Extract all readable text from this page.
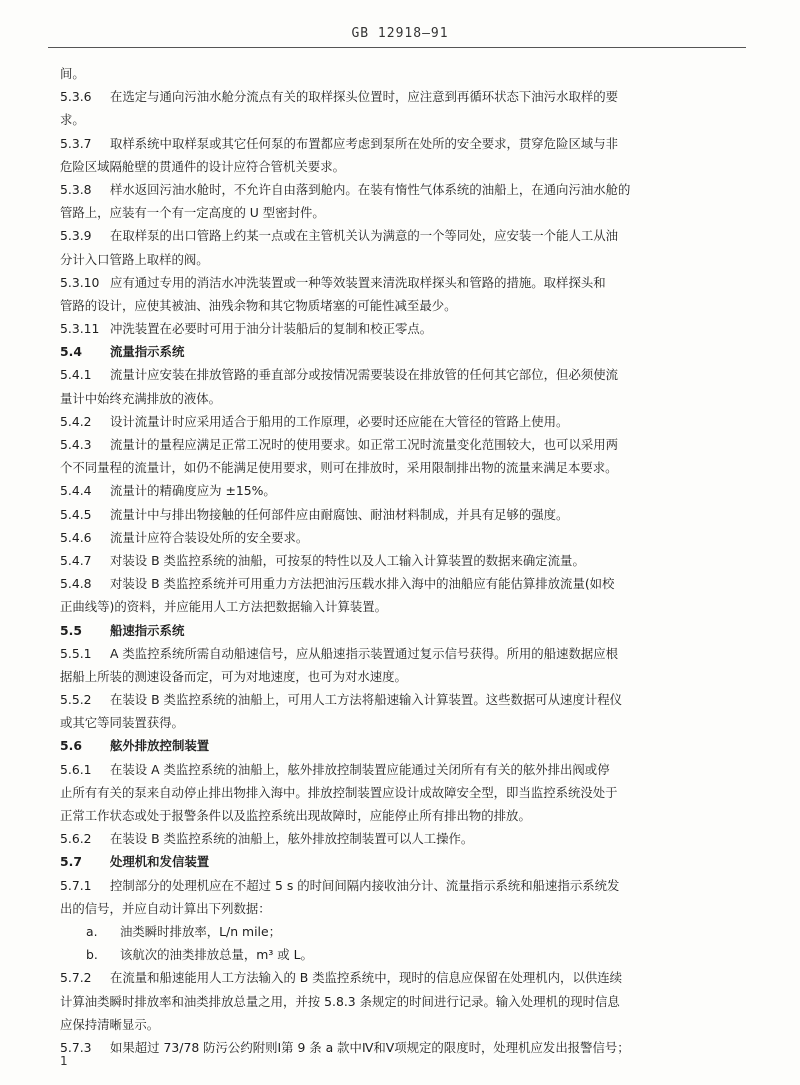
GB 12918—91
间。
5.3.6 在选定与通向污油水舱分流点有关的取样探头位置时，应注意到再循环状态下油污水取样的要
求。
5.3.7 取样系统中取样泵或其它任何泵的布置都应考虑到泵所在处所的安全要求，贯穿危险区域与非
危险区域隔舱壁的贯通件的设计应符合管机关要求。
5.3.8 样水返回污油水舱时，不允许自由落到舱内。在装有惰性气体系统的油船上，在通向污油水舱的
管路上，应装有一个有一定高度的 U 型密封件。
5.3.9 在取样泵的出口管路上约某一点或在主管机关认为满意的一个等同处，应安装一个能人工从油
分计入口管路上取样的阀。
5.3.10 应有通过专用的消洁水冲洗装置或一种等效装置来清洗取样探头和管路的措施。取样探头和
管路的设计，应使其被油、油残余物和其它物质堵塞的可能性减至最少。
5.3.11 冲洗装置在必要时可用于油分计装船后的复制和校正零点。
5.4 流量指示系统
5.4.1 流量计应安装在排放管路的垂直部分或按情况需要装设在排放管的任何其它部位，但必须使流
量计中始终充满排放的液体。
5.4.2 设计流量计时应采用适合于船用的工作原理，必要时还应能在大管径的管路上使用。
5.4.3 流量计的量程应满足正常工况时的使用要求。如正常工况时流量变化范围较大，也可以采用两
个不同量程的流量计，如仍不能满足使用要求，则可在排放时，采用限制排出物的流量来满足本要求。
5.4.4 流量计的精确度应为 ±15%。
5.4.5 流量计中与排出物接触的任何部件应由耐腐蚀、耐油材料制成，并具有足够的强度。
5.4.6 流量计应符合装设处所的安全要求。
5.4.7 对装设 B 类监控系统的油船，可按泵的特性以及人工输入计算装置的数据来确定流量。
5.4.8 对装设 B 类监控系统并可用重力方法把油污压载水排入海中的油船应有能估算排放流量(如校
正曲线等)的资料，并应能用人工方法把数据输入计算装置。
5.5 船速指示系统
5.5.1 A 类监控系统所需自动船速信号，应从船速指示装置通过复示信号获得。所用的船速数据应根
据船上所装的测速设备而定，可为对地速度，也可为对水速度。
5.5.2 在装设 B 类监控系统的油船上，可用人工方法将船速输入计算装置。这些数据可从速度计程仪
或其它等同装置获得。
5.6 舷外排放控制装置
5.6.1 在装设 A 类监控系统的油船上，舷外排放控制装置应能通过关闭所有有关的舷外排出阀或停
止所有有关的泵来自动停止排出物排入海中。排放控制装置应设计成故障安全型，即当监控系统没处于
正常工作状态或处于报警条件以及监控系统出现故障时，应能停止所有排出物的排放。
5.6.2 在装设 B 类监控系统的油船上，舷外排放控制装置可以人工操作。
5.7 处理机和发信装置
5.7.1 控制部分的处理机应在不超过 5 s 的时间间隔内接收油分计、流量指示系统和船速指示系统发
出的信号，并应自动计算出下列数据：
a. 油类瞬时排放率，L/n mile；
b. 该航次的油类排放总量，m³ 或 L。
5.7.2 在流量和船速能用人工方法输入的 B 类监控系统中，现时的信息应保留在处理机内，以供连续
计算油类瞬时排放率和油类排放总量之用，并按 5.8.3 条规定的时间进行记录。输入处理机的现时信息
应保持清晰显示。
5.7.3 如果超过 73/78 防污公约附则Ⅰ第 9 条 a 款中Ⅳ和Ⅴ项规定的限度时，处理机应发出报警信号；
1
